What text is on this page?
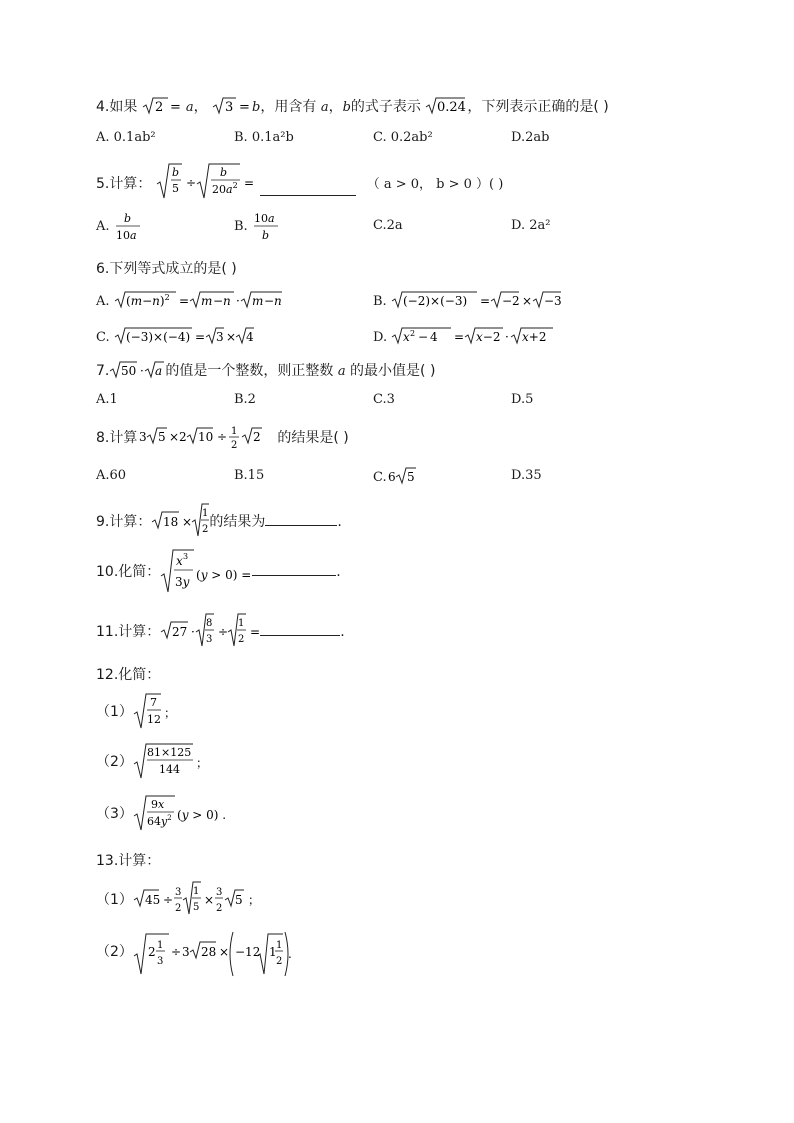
4.如果 2 = a， 3 = b，用含有 a，b的式子表示 0.24 ，下列表示正确的是( )
A. 0.1ab²	B. 0.1a²b	C. 0.2ab²	D.2ab
5.计算：
b
5 ÷
b
$20a^2$ =	（ a > 0， b > 0 ）( )
A.
b
10a
B.
10a
b
C.2a	D. 2a²
6.下列等式成立的是( )
A. $(m-n)^2 = m - n \cdot m - n$	B. (−2)×(−3) = −2 × −3
C. (−3)×(−4) = 3 × 4	D. x 2 − 4 = x−2 · x+2
7. 50 · a 的值是一个整数，则正整数 a 的最小值是( )
A.1	B.2	C.3	D.5
8.计算 3 5 × 2 10 ÷ 1
2
2 的结果是( )
A.60	B.15	C. 6 5	D.35
9.计算： 18 ×
1
2 的结果为	.
10.化简：
x 3
3y (y > 0) =	.
11.计算： 27 ·
8
3
÷
1
2
=	.
12.化简：
（1）
7
12 ；
（2）
81×125
144 ；
（3）
9x
$64y^2$ (y > 0) .
13.计算：
（1） 45 ÷
3
2
1
5
×
3
2
5 ；
（2） 2 1
3
÷ 3 28 × −12 1 1
2
.
